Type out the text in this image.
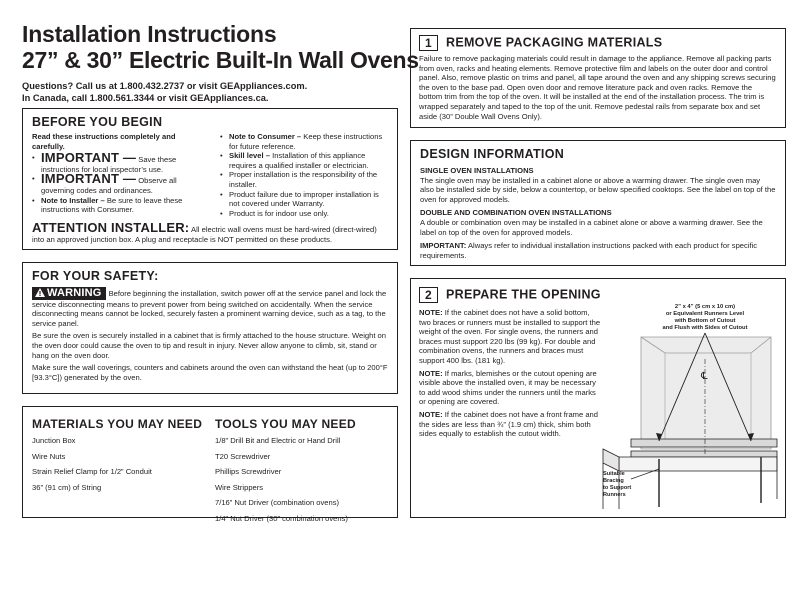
Installation Instructions
27” & 30” Electric Built-In Wall Ovens
Questions? Call us at 1.800.432.2737 or visit GEAppliances.com.
In Canada, call 1.800.561.3344 or visit GEAppliances.ca.
BEFORE YOU BEGIN
Read these instructions completely and carefully.
• IMPORTANT — Save these instructions for local inspector’s use.
• IMPORTANT — Observe all governing codes and ordinances.
• Note to Installer – Be sure to leave these instructions with Consumer.
• Note to Consumer – Keep these instructions for future reference.
• Skill level – Installation of this appliance requires a qualified installer or electrician.
• Proper installation is the responsibility of the installer.
• Product failure due to improper installation is not covered under Warranty.
• Product is for indoor use only.
ATTENTION INSTALLER: All electric wall ovens must be hard-wired (direct-wired) into an approved junction box. A plug and receptacle is NOT permitted on these products.
FOR YOUR SAFETY:
WARNING Before beginning the installation, switch power off at the service panel and lock the service disconnecting means to prevent power from being switched on accidentally. When the service disconnecting means cannot be locked, securely fasten a prominent warning device, such as a tag, to the service panel.
Be sure the oven is securely installed in a cabinet that is firmly attached to the house structure. Weight on the oven door could cause the oven to tip and result in injury. Never allow anyone to climb, sit, stand or hang on the oven door.
Make sure the wall coverings, counters and cabinets around the oven can withstand the heat (up to 200°F [93.3°C]) generated by the oven.
MATERIALS YOU MAY NEED
Junction Box
Wire Nuts
Strain Relief Clamp for 1/2” Conduit
36” (91 cm) of String
TOOLS YOU MAY NEED
1/8” Drill Bit and Electric or Hand Drill
T20 Screwdriver
Phillips Screwdriver
Wire Strippers
7/16” Nut Driver (combination ovens)
1/4” Nut Driver (30” combination ovens)
1 REMOVE PACKAGING MATERIALS
Failure to remove packaging materials could result in damage to the appliance. Remove all packing parts from oven, racks and heating elements. Remove protective film and labels on the outer door and control panel. Also, remove plastic on trims and panel, all tape around the oven and any shipping screws securing the oven to the base pad. Open oven door and remove literature pack and oven racks. Remove the bottom trim from the top of the oven. It will be installed at the end of the installation process. The trim is wrapped separately and taped to the top of the unit. Remove pedestal rails from separate box and set aside (30” Double Wall Ovens Only).
DESIGN INFORMATION
SINGLE OVEN INSTALLATIONS
The single oven may be installed in a cabinet alone or above a warming drawer. The single oven may also be installed side by side, below a countertop, or below specified cooktops. See the label on top of the oven for approved models.
DOUBLE AND COMBINATION OVEN INSTALLATIONS
A double or combination oven may be installed in a cabinet alone or above a warming drawer. See the label on top of the oven for approved models.
IMPORTANT: Always refer to individual installation instructions packed with each product for specific requirements.
2 PREPARE THE OPENING
NOTE: If the cabinet does not have a solid bottom, two braces or runners must be installed to support the weight of the oven. For single ovens, the runners and braces must support 220 lbs (99 kg). For double and combination ovens, the runners and braces must support 400 lbs. (181 kg).
NOTE: If marks, blemishes or the cutout opening are visible above the installed oven, it may be necessary to add wood shims under the runners until the marks or opening are covered.
NOTE: If the cabinet does not have a front frame and the sides are less than ¾” (1.9 cm) thick, shim both sides equally to establish the cutout width.
2” x 4” (5 cm x 10 cm)
or Equivalent Runners Level
with Bottom of Cutout
and Flush with Sides of Cutout
℄
Suitable
Bracing
to Support
Runners
